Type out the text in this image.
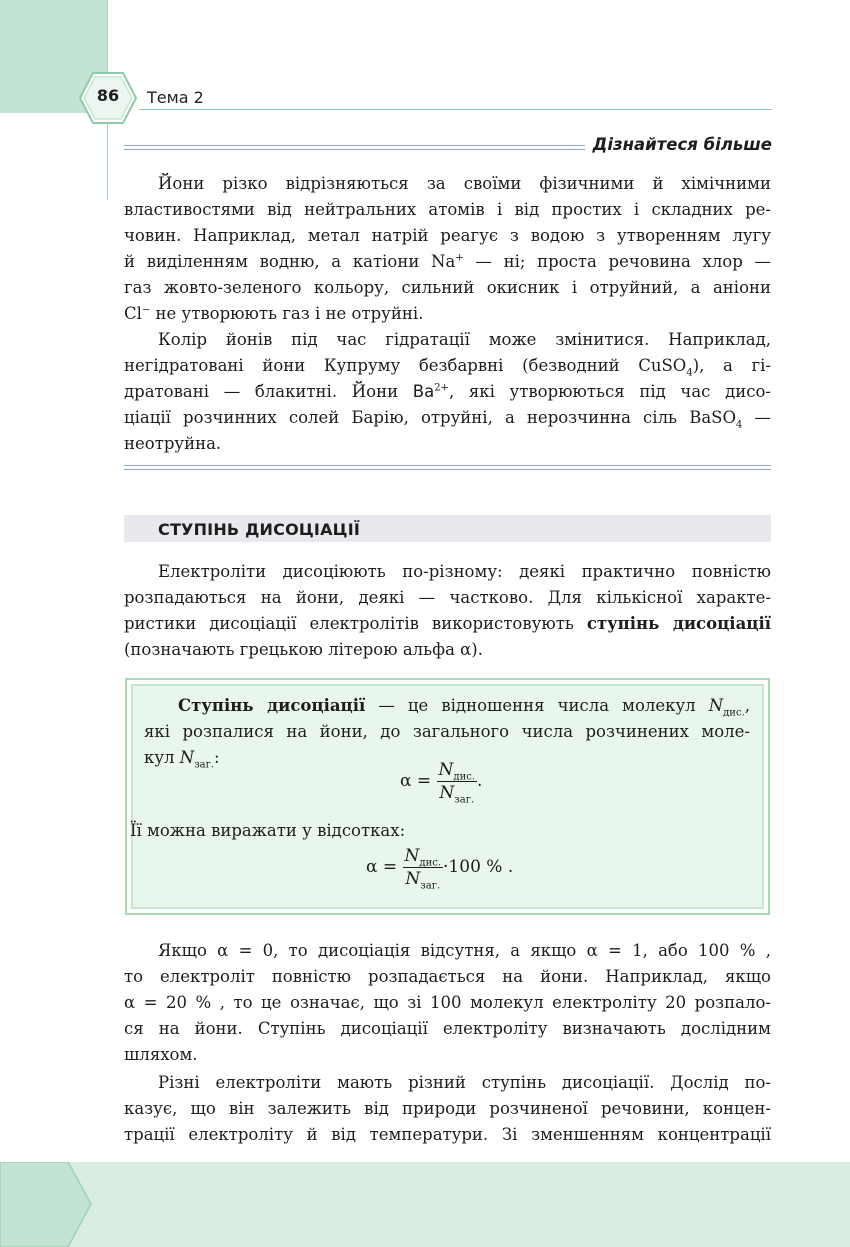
86	Тема 2
Дізнайтеся більше

Йони різко відрізняються за своїми фізичними й хімічними

властивостями від нейтральних атомів і від простих і складних ре-

човин. Наприклад, метал натрій реагує з водою з утворенням лугу

й виділенням водню, а катіони Na+ — ні; проста речовина хлор —

газ жовто-зеленого кольору, сильний окисник і отруйний, а аніони

Cl− не утворюють газ і не отруйні.

Колір йонів під час гідратації може змінитися. Наприклад,

негідратовані йони Купруму безбарвні (безводний CuSO$_4$), а гі-

дратовані — блакитні. Йони $Ba^{2+}$, які утворюються під час дисо-

ціації розчинних солей Барію, отруйні, а нерозчинна сіль BaSO$_4$ —

неотруйна.

СТУПІНЬ ДИСОЦІАЦІЇ

Електроліти дисоціюють по-різному: деякі практично повністю

розпадаються на йони, деякі — частково. Для кількісної характе-

ристики дисоціації електролітів використовують ступінь дисоціації

(позначають грецькою літерою альфа α).

Ступінь дисоціації — це відношення числа молекул $N_{дис.}$,

які розпалися на йони, до загального числа розчинених моле-

кул $N_{заг.}$:

$\alpha = \frac{N_{дис.}}{N_{заг.}}$ .

Її можна виражати у відсотках:

$\alpha = \frac{N_{дис.}}{N_{заг.}} \cdot 100$ % .

Якщо α = 0, то дисоціація відсутня, а якщо α = 1, або 100 % ,

то електроліт повністю розпадається на йони. Наприклад, якщо

α = 20 % , то це означає, що зі 100 молекул електроліту 20 розпало-

ся на йони. Ступінь дисоціації електроліту визначають дослідним

шляхом.

Різні електроліти мають різний ступінь дисоціації. Дослід по-

казує, що він залежить від природи розчиненої речовини, концен-

трації електроліту й від температури. Зі зменшенням концентрації
